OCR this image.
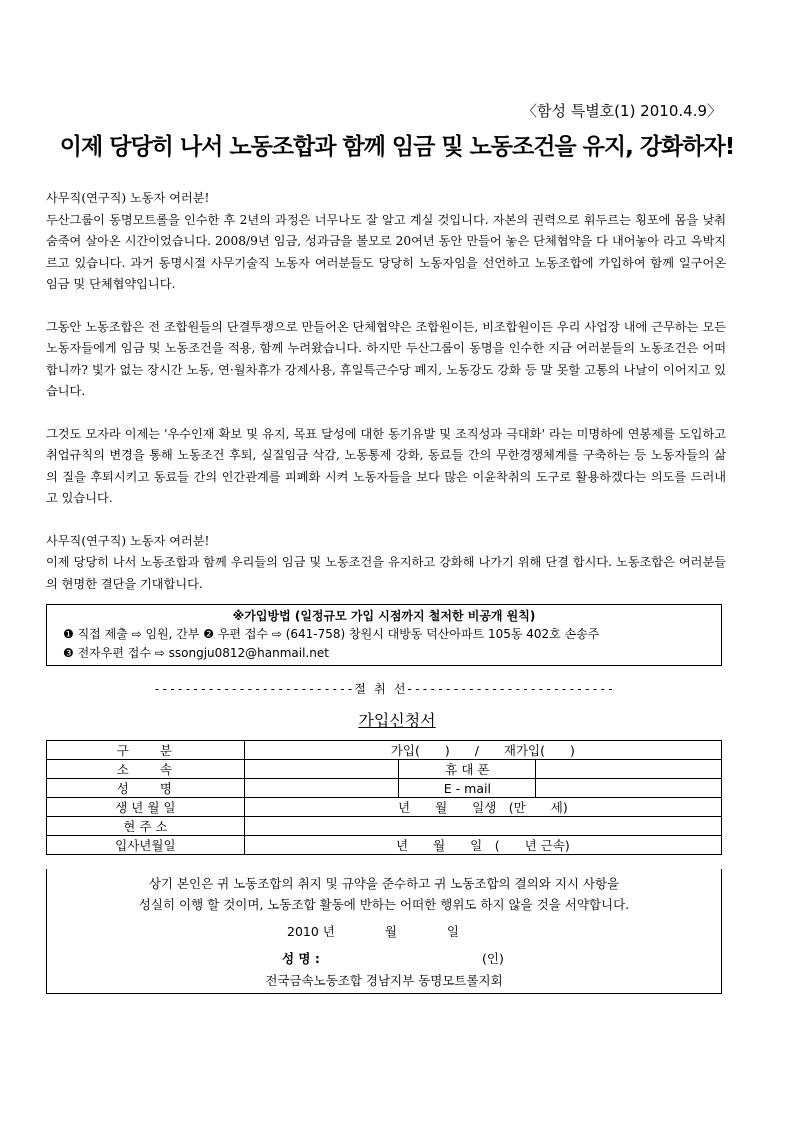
〈함성 특별호(1) 2010.4.9〉
이제 당당히 나서 노동조합과 함께 임금 및 노동조건을 유지, 강화하자!

사무직(연구직) 노동자 여러분!

두산그룹이 동명모트롤을 인수한 후 2년의 과정은 너무나도 잘 알고 계실 것입니다. 자본의 권력으로 휘두르는 횡포에 몸을 낮춰 숨죽여 살아온 시간이었습니다. 2008/9년 임금, 성과금을 볼모로 20여년 동안 만들어 놓은 단체협약을 다 내어놓아 라고 윽박지르고 있습니다. 과거 동명시절 사무기술직 노동자 여러분들도 당당히 노동자임을 선언하고 노동조합에 가입하여 함께 일구어온 임금 및 단체협약입니다.

그동안 노동조합은 전 조합원들의 단결투쟁으로 만들어온 단체협약은 조합원이든, 비조합원이든 우리 사업장 내에 근무하는 모든 노동자들에게 임금 및 노동조건을 적용, 함께 누려왔습니다. 하지만 두산그룹이 동명을 인수한 지금 여러분들의 노동조건은 어떠합니까? 빛가 없는 장시간 노동, 연·월차휴가 강제사용, 휴일특근수당 폐지, 노동강도 강화 등 말 못할 고통의 나날이 이어지고 있습니다.

그것도 모자라 이제는 '우수인재 확보 및 유지, 목표 달성에 대한 동기유발 및 조직성과 극대화' 라는 미명하에 연봉제를 도입하고 취업규칙의 변경을 통해 노동조건 후퇴, 실질임금 삭감, 노동통제 강화, 동료들 간의 무한경쟁체계를 구축하는 등 노동자들의 삶의 질을 후퇴시키고 동료들 간의 인간관계를 피폐화 시켜 노동자들을 보다 많은 이윤착취의 도구로 활용하겠다는 의도를 드러내고 있습니다.

사무직(연구직) 노동자 여러분!

이제 당당히 나서 노동조합과 함께 우리들의 임금 및 노동조건을 유지하고 강화해 나가기 위해 단결 합시다. 노동조합은 여러분들의 현명한 결단을 기대합니다.

※가입방법 (일정규모 가입 시점까지 철저한 비공개 원칙)
❶ 직접 제출 ⇨ 임원, 간부 ❷ 우편 접수 ⇨ (641-758) 창원시 대방동 덕산아파트 105동 402호 손송주
❸ 전자우편 접수 ⇨ ssongju0812@hanmail.net
--------------------------절 취 선---------------------------
가입신청서
구　　분	가입(　　)　　/　　재가입(　　)		
소　　속		휴 대 폰	
성　　명		E - mail	
생 년 월 일	년　　월　　일생　(만　　세)		
현 주 소			
입사년월일	년　　월　　일　(　　년 근속)		
상기 본인은 귀 노동조합의 취지 및 규약을 준수하고 귀 노동조합의 결의와 지시 사항을
성실히 이행 할 것이며, 노동조합 활동에 반하는 어떠한 행위도 하지 않을 것을 서약합니다.
2010 년　　　　월　　　　일
성 명 :	(인)
전국금속노동조합 경남지부 동명모트롤지회
